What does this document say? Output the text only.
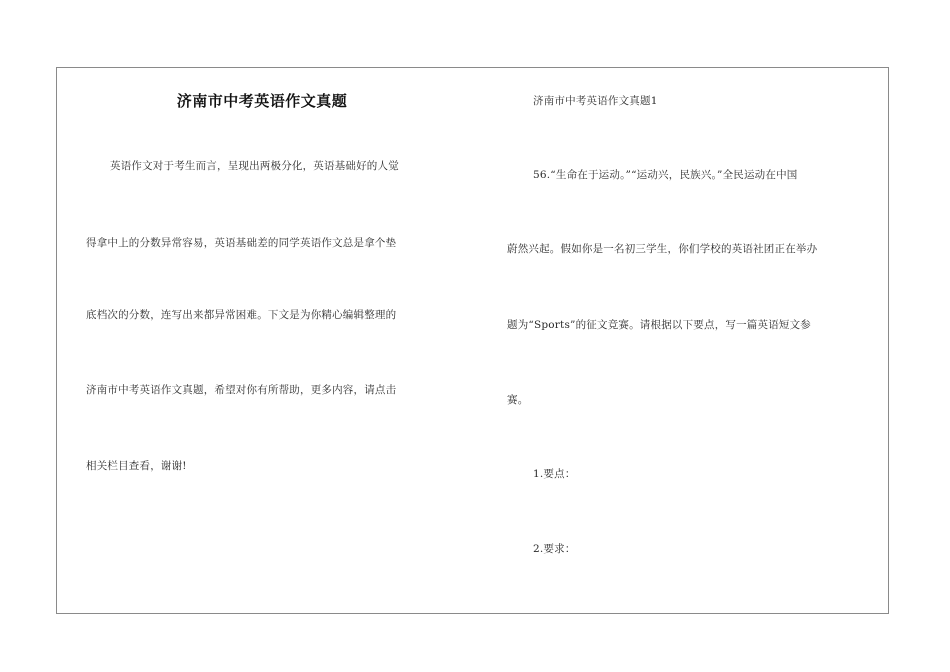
济南市中考英语作文真题
英语作文对于考生而言，呈现出两极分化，英语基础好的人觉
得拿中上的分数异常容易，英语基础差的同学英语作文总是拿个垫
底档次的分数，连写出来都异常困难。下文是为你精心编辑整理的
济南市中考英语作文真题，希望对你有所帮助，更多内容，请点击
相关栏目查看，谢谢!
济南市中考英语作文真题1
56.“生命在于运动。”“运动兴，民族兴。”全民运动在中国
蔚然兴起。假如你是一名初三学生，你们学校的英语社团正在举办
题为“Sports”的征文竞赛。请根据以下要点，写一篇英语短文参
赛。
1.要点：
2.要求：
